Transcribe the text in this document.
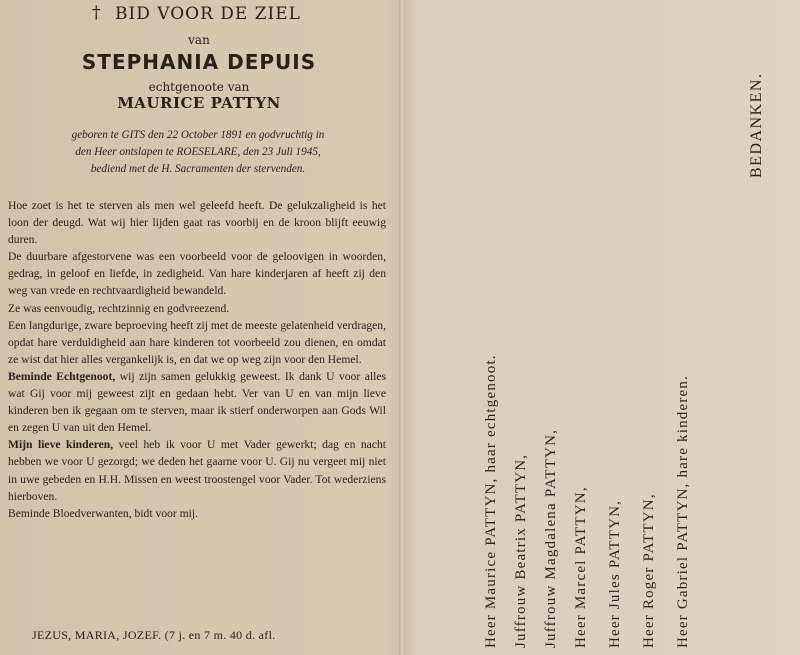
† BID VOOR DE ZIEL
van
STEPHANIA DEPUIS
echtgenoote van
MAURICE PATTYN
geboren te GITS den 22 October 1891 en godvruchtig in
den Heer ontslapen te ROESELARE, den 23 Juli 1945,
bediend met de H. Sacramenten der stervenden.

Hoe zoet is het te sterven als men wel geleefd heeft. De gelukzaligheid is het loon der deugd. Wat wij hier lijden gaat ras voorbij en de kroon blijft eeuwig duren.

De duurbare afgestorvene was een voorbeeld voor de geloovigen in woorden, gedrag, in geloof en liefde, in zedigheid. Van hare kinderjaren af heeft zij den weg van vrede en rechtvaardigheid bewandeld.

Ze was eenvoudig, rechtzinnig en godvreezend.

Een langdurige, zware beproeving heeft zij met de meeste gelatenheid verdragen, opdat hare verduldigheid aan hare kinderen tot voorbeeld zou dienen, en omdat ze wist dat hier alles vergankelijk is, en dat we op weg zijn voor den Hemel.

Beminde Echtgenoot, wij zijn samen gelukkig geweest. Ik dank U voor alles wat Gij voor mij geweest zijt en gedaan hebt. Ver van U en van mijn lieve kinderen ben ik gegaan om te sterven, maar ik stierf onderworpen aan Gods Wil en zegen U van uit den Hemel.

Mijn lieve kinderen, veel heb ik voor U met Vader gewerkt; dag en nacht hebben we voor U gezorgd; we deden het gaarne voor U. Gij nu vergeet mij niet in uwe gebeden en H.H. Missen en weest troostengel voor Vader. Tot wederziens hierboven.

Beminde Bloedverwanten, bidt voor mij.

JEZUS, MARIA, JOZEF. (7 j. en 7 m. 40 d. afl.
BEDANKEN.
Heer Maurice PATTYN, haar echtgenoot. Juffrouw Beatrix PATTYN, Juffrouw Magdalena PATTYN, Heer Marcel PATTYN, Heer Jules PATTYN, Heer Roger PATTYN, Heer Gabriel PATTYN, hare kinderen.
